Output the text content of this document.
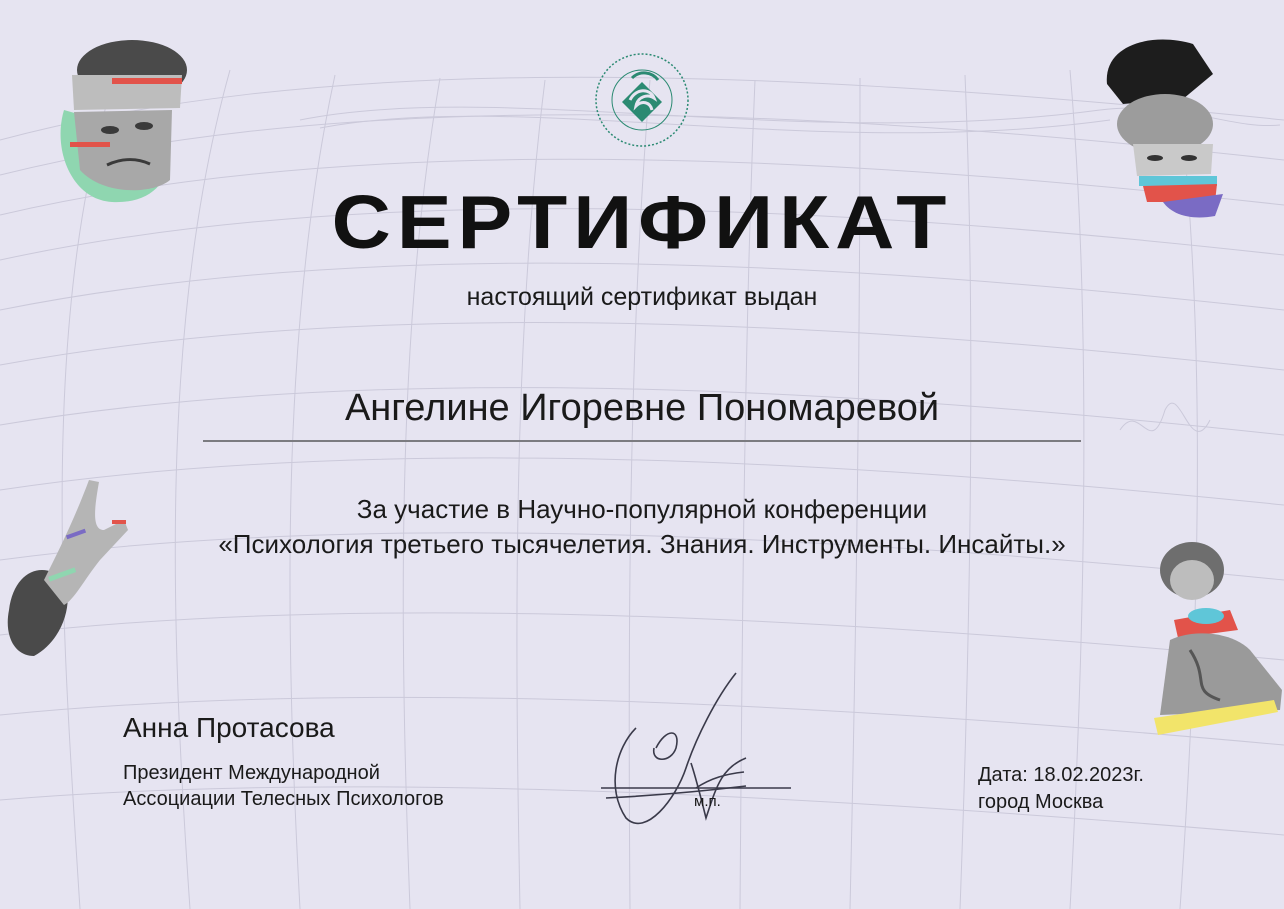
СЕРТИФИКАТ
настоящий сертификат выдан
Ангелине Игоревне Пономаревой
За участие в Научно-популярной конференции
«Психология третьего тысячелетия. Знания. Инструменты. Инсайты.»
Анна Протасова
Президент Международной
Ассоциации Телесных Психологов	м.п.
Дата: 18.02.2023г.
город Москва
